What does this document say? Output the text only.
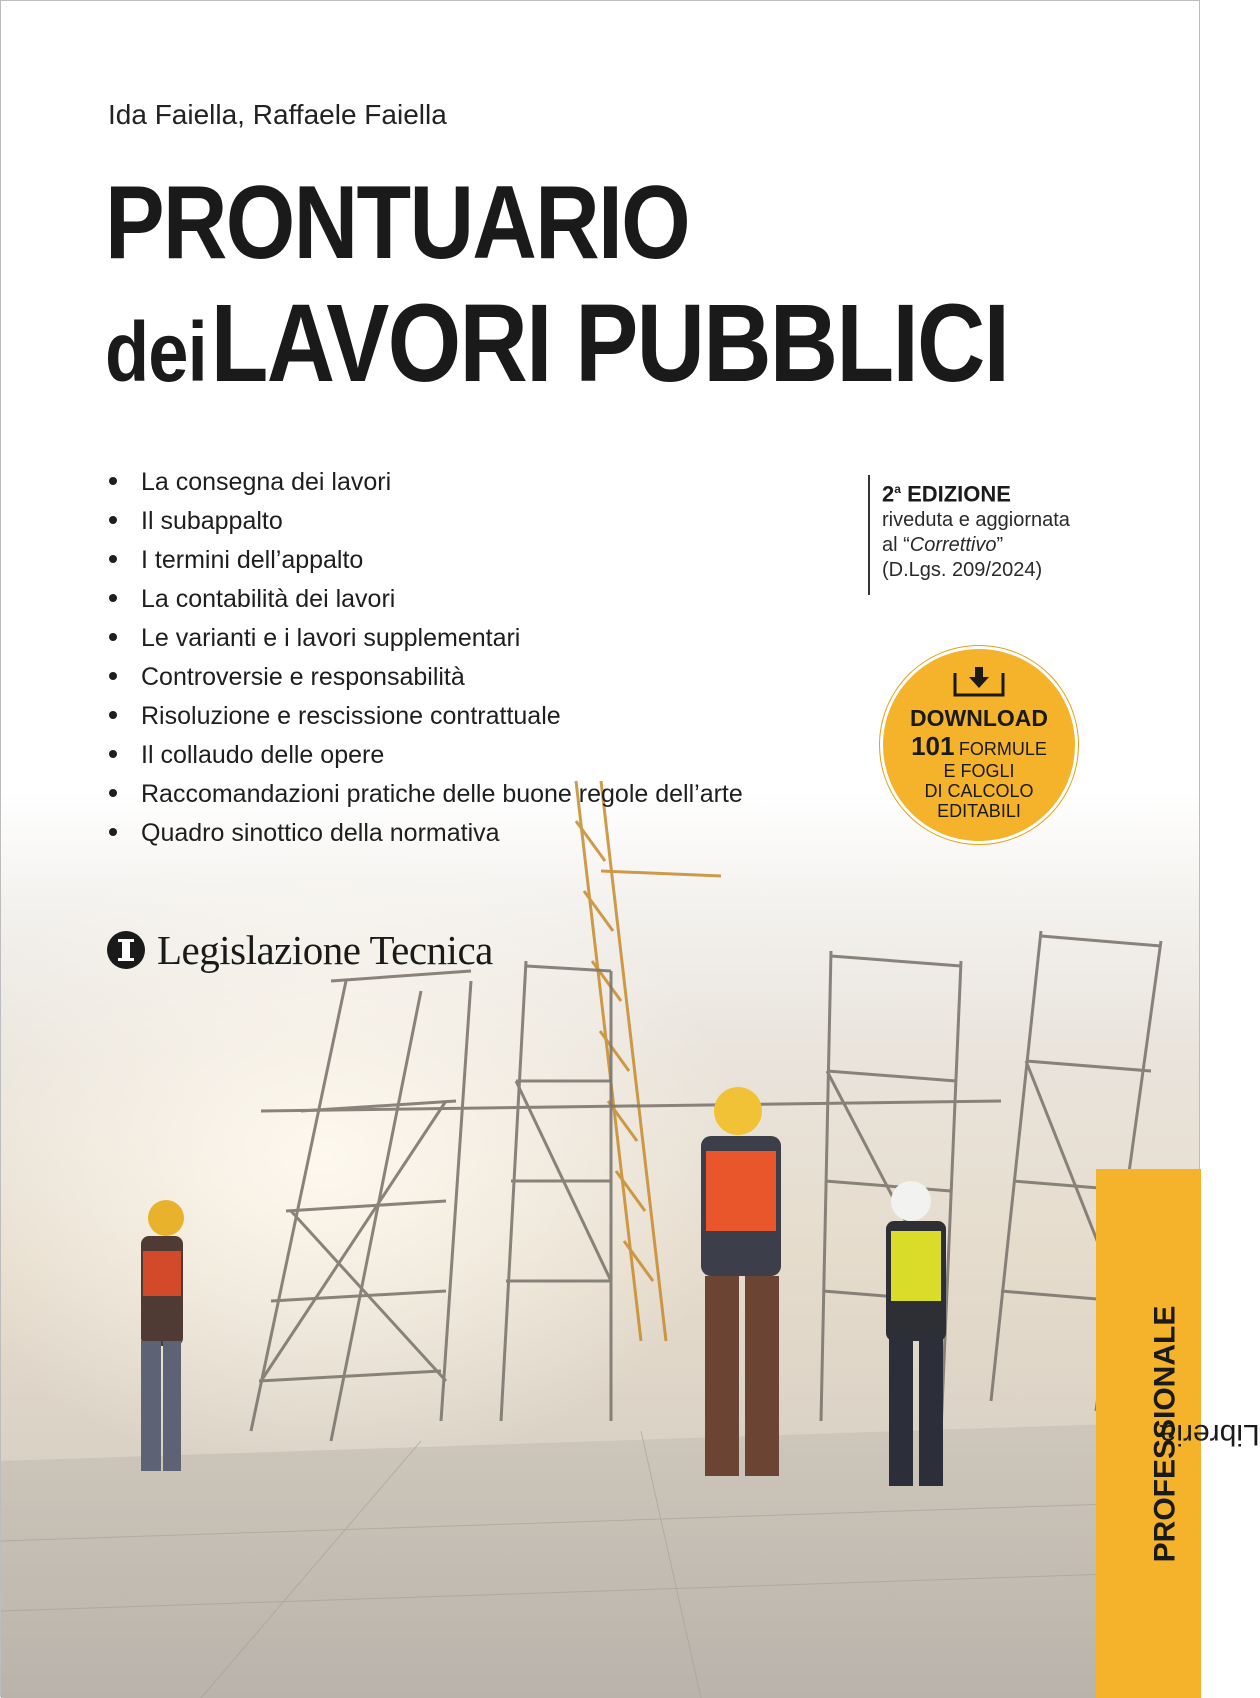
Ida Faiella, Raffaele Faiella
PRONTUARIO
dei LAVORI PUBBLICI
La consegna dei lavori
Il subappalto
I termini dell’appalto
La contabilità dei lavori
Le varianti e i lavori supplementari
Controversie e responsabilità
Risoluzione e rescissione contrattuale
Il collaudo delle opere
Raccomandazioni pratiche delle buone regole dell’arte
Quadro sinottico della normativa
2$^a$ EDIZIONE
riveduta e aggiornata
al “Correttivo”
(D.Lgs. 209/2024)
DOWNLOAD
101 FORMULE
E FOGLI
DI CALCOLO
EDITABILI
Legislazione Tecnica
Libreria
PROFESSIONALE
